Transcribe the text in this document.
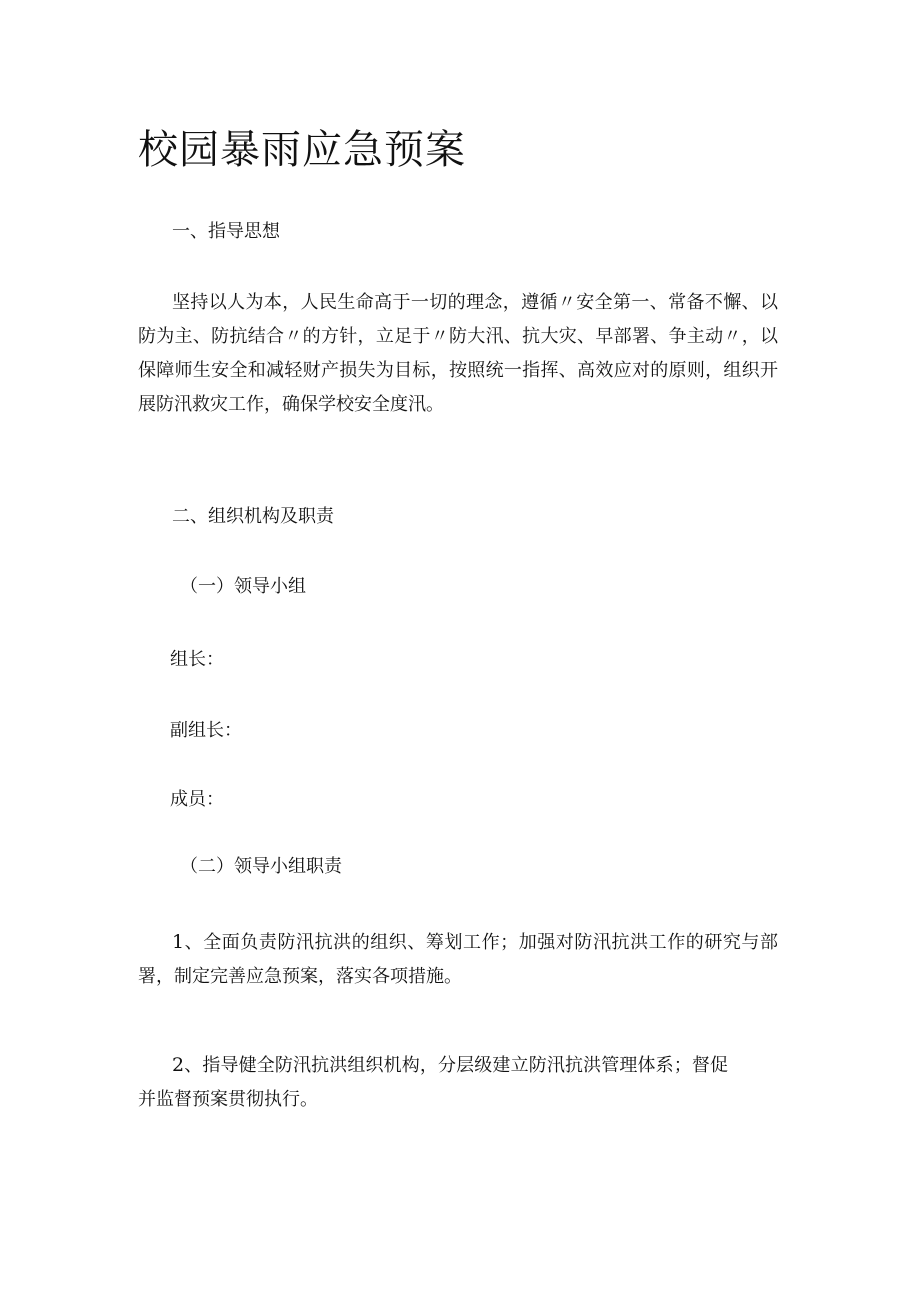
校园暴雨应急预案

一、指导思想

坚持以人为本，人民生命高于一切的理念，遵循〃安全第一、常备不懈、以防为主、防抗结合〃的方针，立足于〃防大汛、抗大灾、早部署、争主动〃，以保障师生安全和减轻财产损失为目标，按照统一指挥、高效应对的原则，组织开展防汛救灾工作，确保学校安全度汛。

二、组织机构及职责

（一）领导小组

组长：

副组长：

成员：

（二）领导小组职责

1、全面负责防汛抗洪的组织、筹划工作；加强对防汛抗洪工作的研究与部署，制定完善应急预案，落实各项措施。

2、指导健全防汛抗洪组织机构，分层级建立防汛抗洪管理体系；督促并监督预案贯彻执行。
